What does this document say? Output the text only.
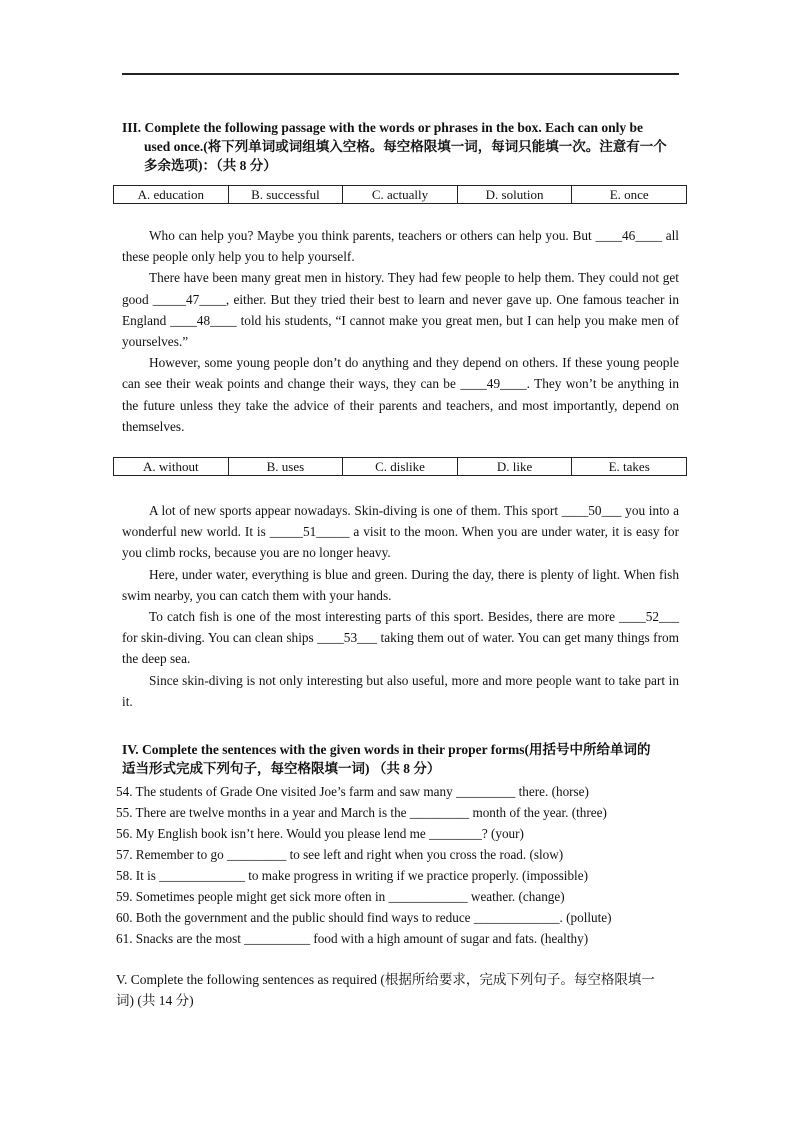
III. Complete the following passage with the words or phrases in the box. Each can only be
used once.(将下列单词或词组填入空格。每空格限填一词，每词只能填一次。注意有一个
多余选项)：（共 8 分）
A. education	B. successful	C. actually	D. solution	E. once

Who can help you? Maybe you think parents, teachers or others can help you. But ____46____ all these people only help you to help yourself.

There have been many great men in history. They had few people to help them. They could not get good _____47____, either. But they tried their best to learn and never gave up. One famous teacher in England ____48____ told his students, “I cannot make you great men, but I can help you make men of yourselves.”

However, some young people don’t do anything and they depend on others. If these young people can see their weak points and change their ways, they can be ____49____. They won’t be anything in the future unless they take the advice of their parents and teachers, and most importantly, depend on themselves.

A. without	B. uses	C. dislike	D. like	E. takes

A lot of new sports appear nowadays. Skin-diving is one of them. This sport ____50___ you into a wonderful new world. It is _____51_____ a visit to the moon. When you are under water, it is easy for you climb rocks, because you are no longer heavy.

Here, under water, everything is blue and green. During the day, there is plenty of light. When fish swim nearby, you can catch them with your hands.

To catch fish is one of the most interesting parts of this sport. Besides, there are more ____52___ for skin-diving. You can clean ships ____53___ taking them out of water. You can get many things from the deep sea.

Since skin-diving is not only interesting but also useful, more and more people want to take part in it.

IV. Complete the sentences with the given words in their proper forms(用括号中所给单词的
适当形式完成下列句子，每空格限填一词) （共 8 分）
54. The students of Grade One visited Joe’s farm and saw many _________ there. (horse)
55. There are twelve months in a year and March is the _________ month of the year. (three)
56. My English book isn’t here. Would you please lend me ________? (your)
57. Remember to go _________ to see left and right when you cross the road. (slow)
58. It is _____________ to make progress in writing if we practice properly. (impossible)
59. Sometimes people might get sick more often in ____________ weather. (change)
60. Both the government and the public should find ways to reduce _____________. (pollute)
61. Snacks are the most __________ food with a high amount of sugar and fats. (healthy)
V. Complete the following sentences as required (根据所给要求，完成下列句子。每空格限填一
词) (共 14 分)
